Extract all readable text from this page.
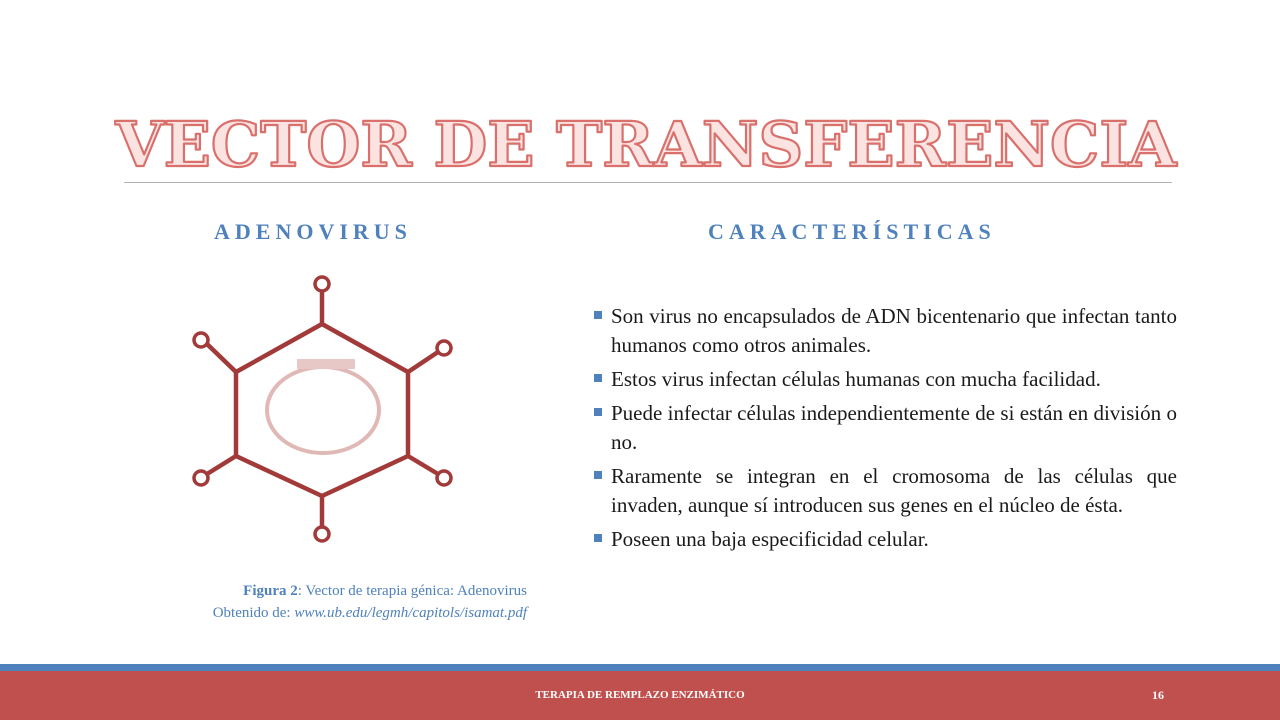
VECTOR DE TRANSFERENCIA
ADENOVIRUS	CARACTERÍSTICAS
Figura 2: Vector de terapia génica: Adenovirus
Obtenido de: www.ub.edu/legmh/capitols/isamat.pdf
Son virus no encapsulados de ADN bicentenario que infectan tanto humanos como otros animales.
Estos virus infectan células humanas con mucha facilidad.
Puede infectar células independientemente de si están en división o no.
Raramente se integran en el cromosoma de las células que invaden, aunque sí introducen sus genes en el núcleo de ésta.
Poseen una baja especificidad celular.
TERAPIA DE REMPLAZO ENZIMÁTICO	16
